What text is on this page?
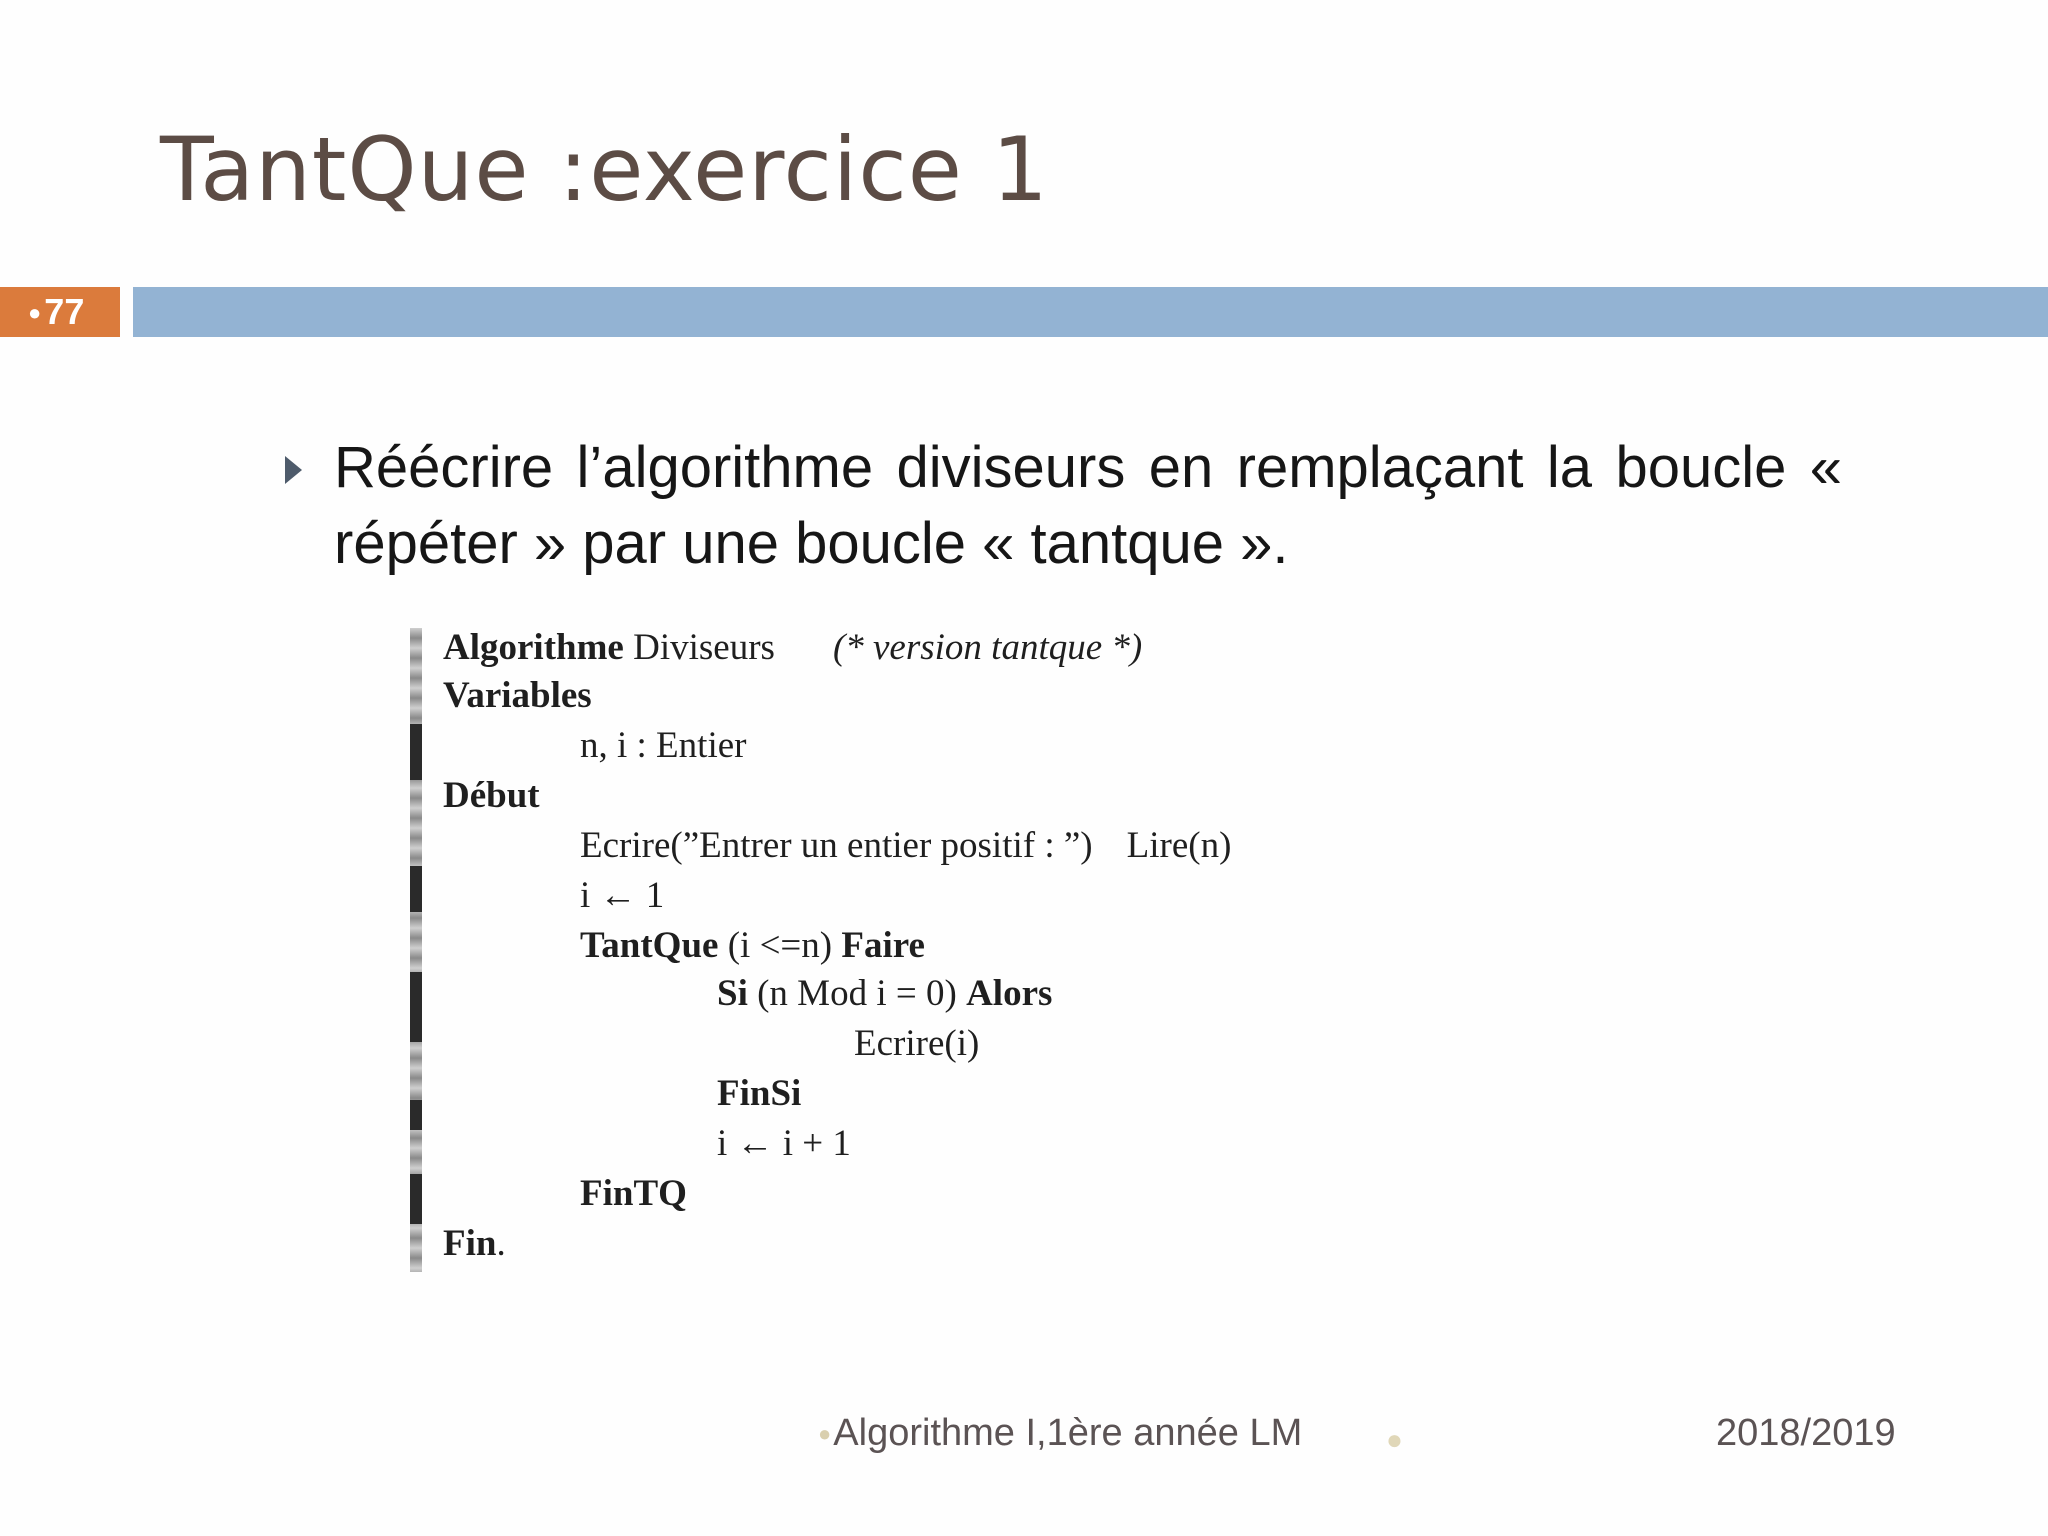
TantQue :exercice 1
●77
Réécrire l’algorithme diviseurs en remplaçant la boucle « répéter » par une boucle « tantque ».

Algorithme Diviseurs (* version tantque *)

Variables

n, i : Entier

Début

Ecrire(”Entrer un entier positif : ”) Lire(n)

i ← 1

TantQue (i <=n) Faire

Si (n Mod i = 0) Alors

Ecrire(i)

FinSi

i ← i + 1

FinTQ

Fin.

●Algorithme I,1ère année LM	●	2018/2019
